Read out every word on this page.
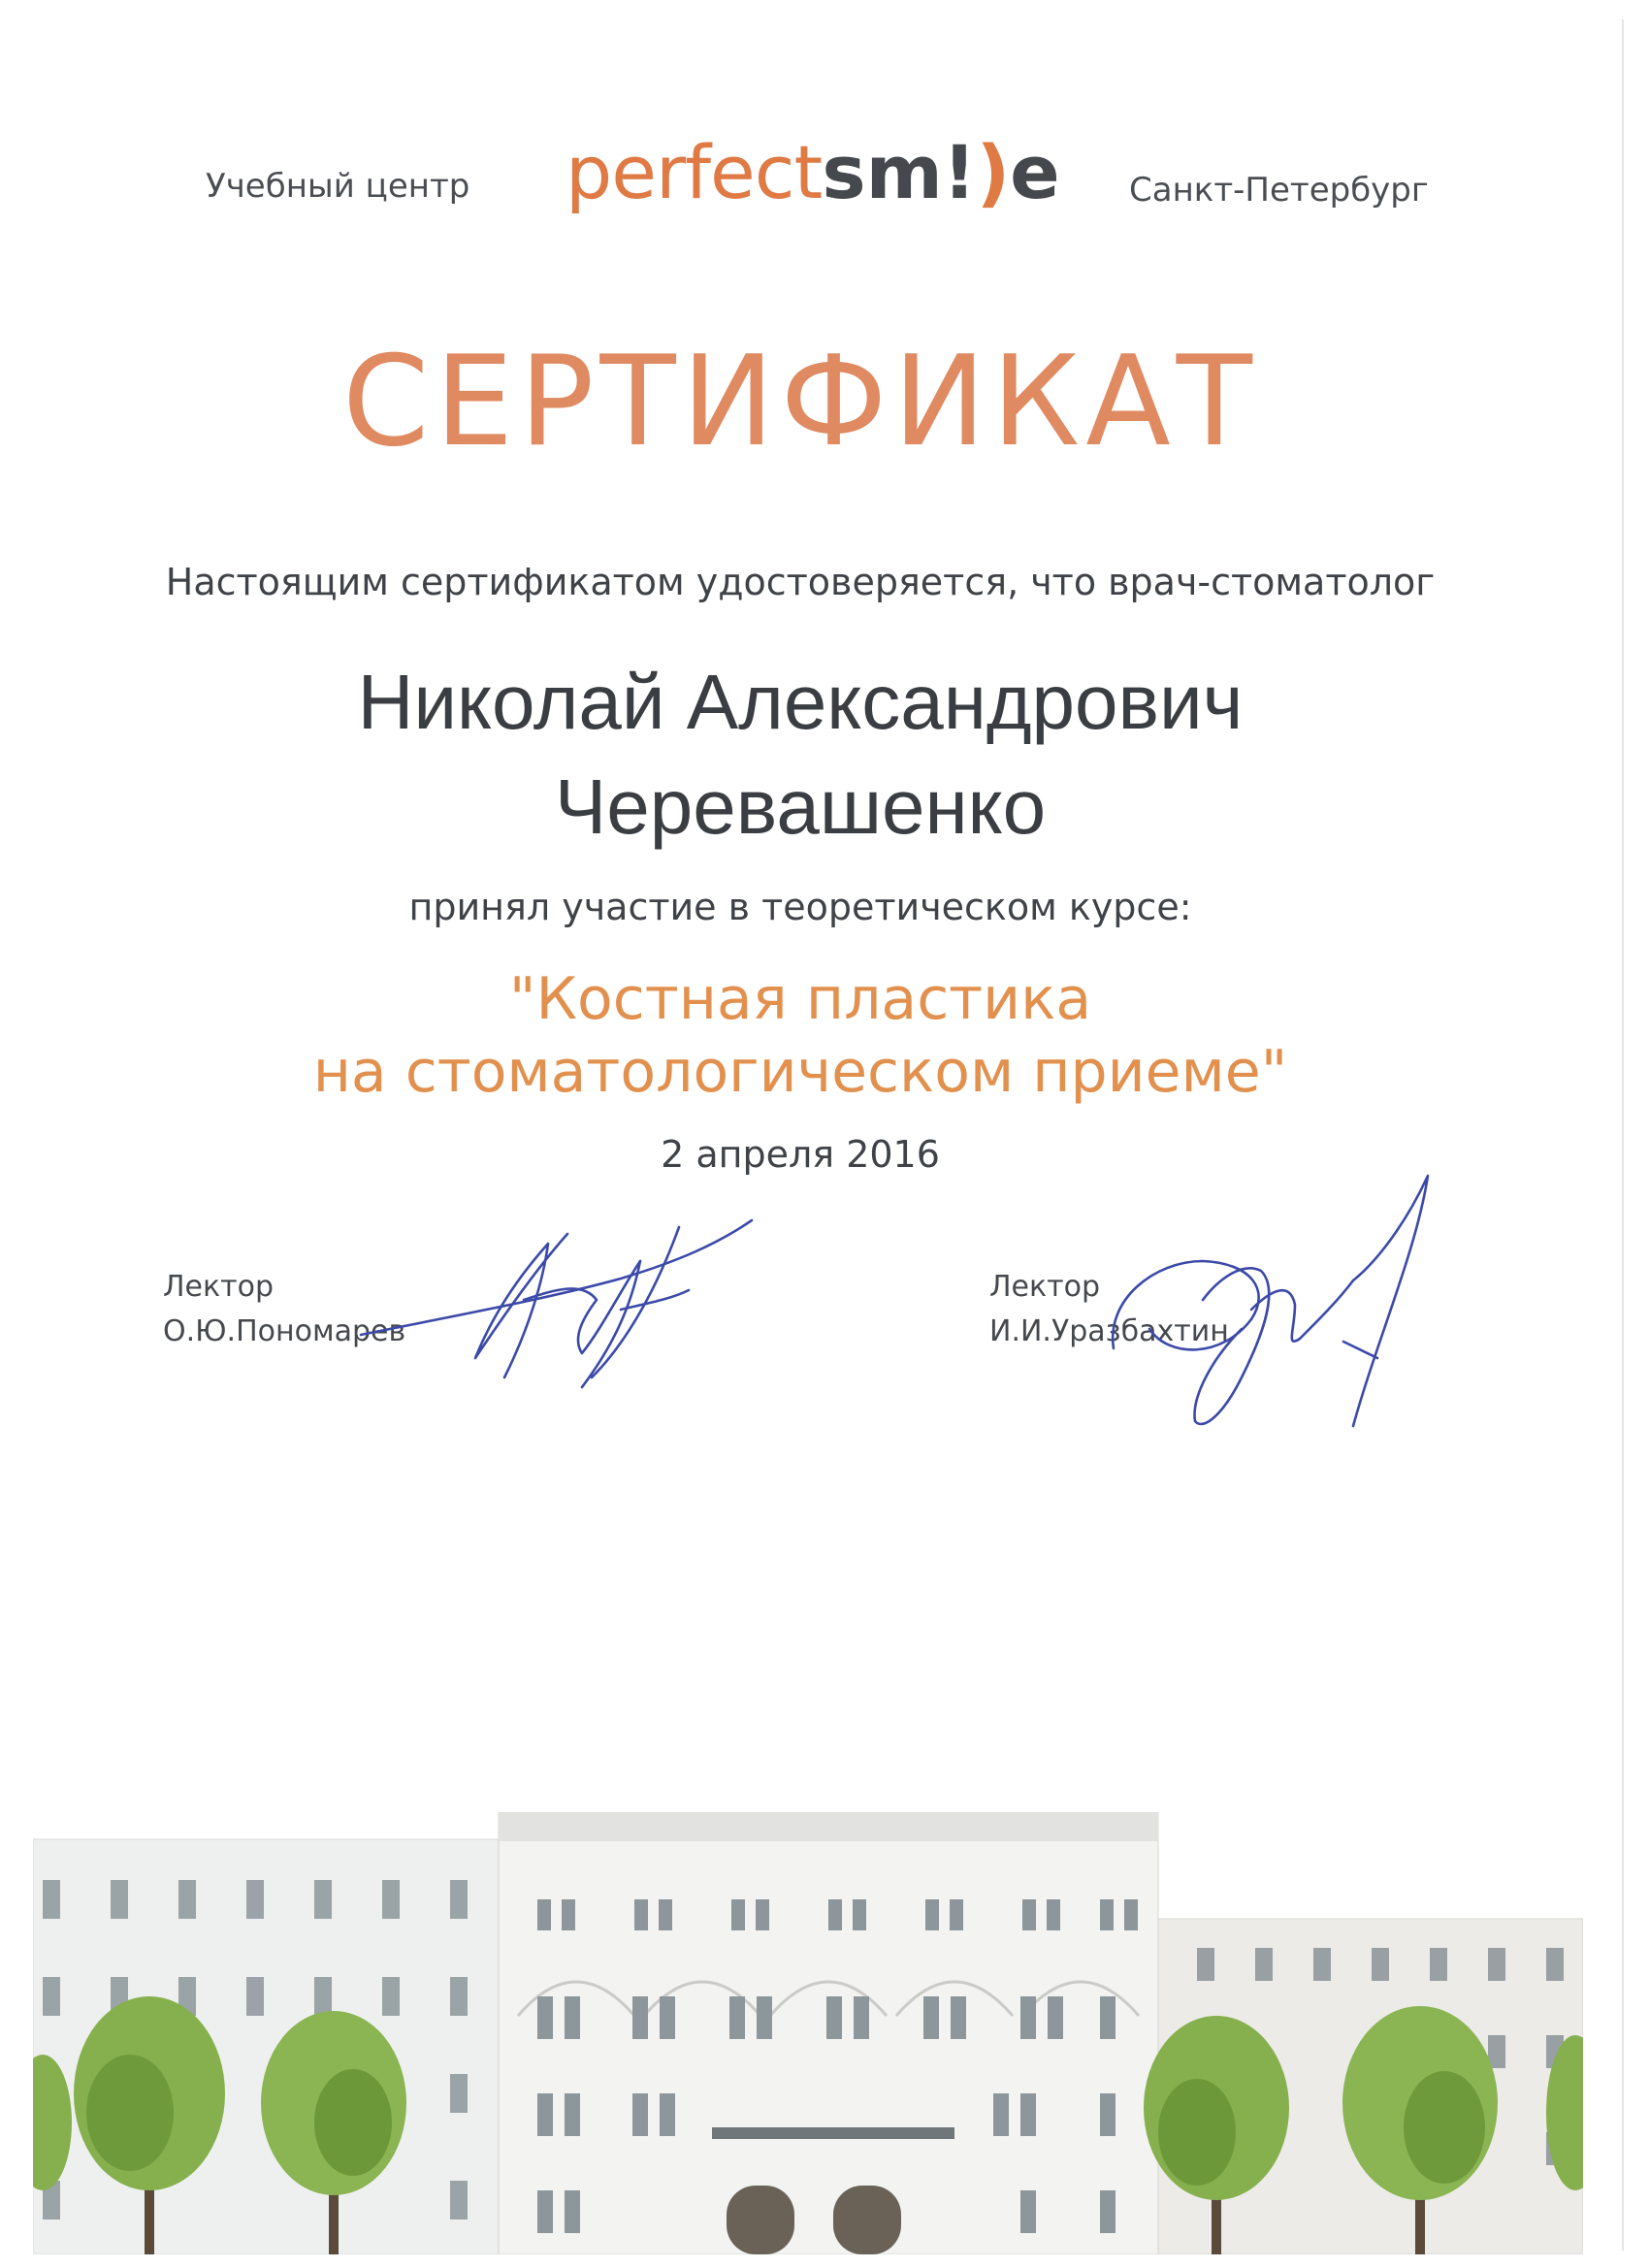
Учебный центр perfectsm!)e Санкт-Петербург
СЕРТИФИКАТ
Настоящим сертификатом удостоверяется, что врач-стоматолог
Николай Александрович
Черевашенко
принял участие в теоретическом курсе:
"Костная пластика
на стоматологическом приеме"
2 апреля 2016
Лектор
О.Ю.Пономарев
Лектор
И.И.Уразбахтин
